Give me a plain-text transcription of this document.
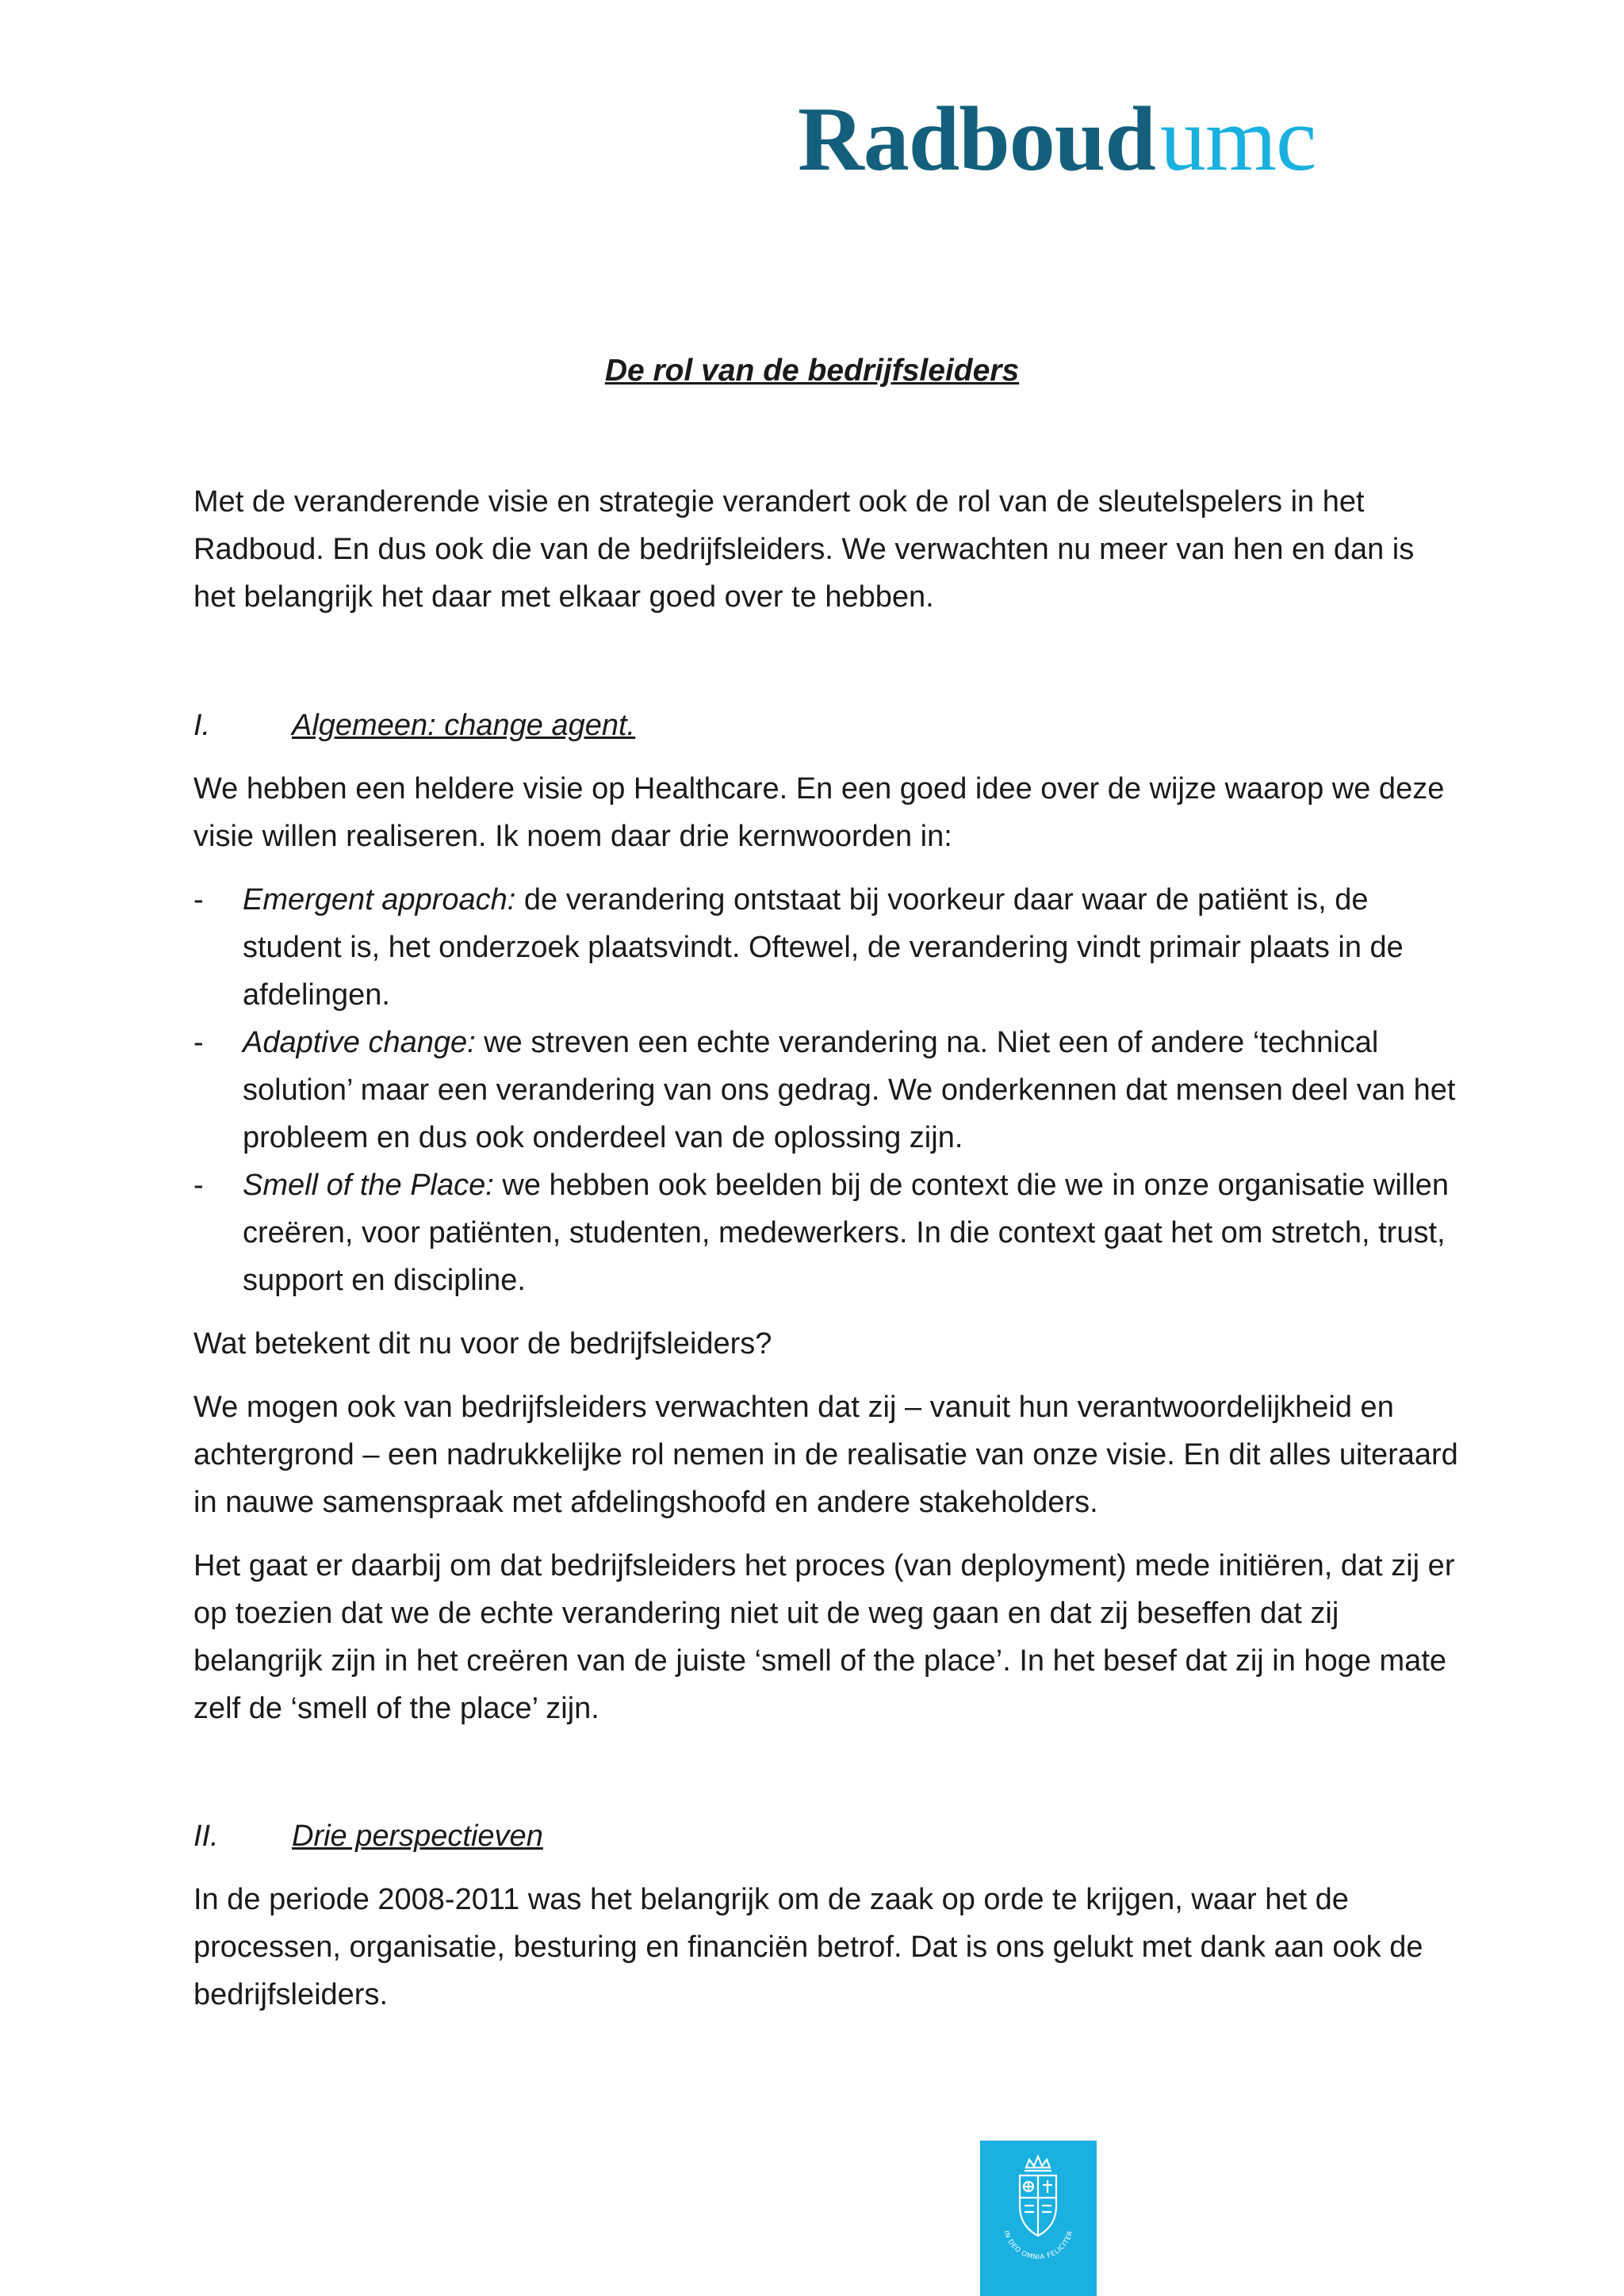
Radboudumc
De rol van de bedrijfsleiders

Met de veranderende visie en strategie verandert ook de rol van de sleutelspelers in het Radboud. En dus ook die van de bedrijfsleiders. We verwachten nu meer van hen en dan is het belangrijk het daar met elkaar goed over te hebben.

I.	Algemeen: change agent.

We hebben een heldere visie op Healthcare. En een goed idee over de wijze waarop we deze visie willen realiseren. Ik noem daar drie kernwoorden in:

- Emergent approach: de verandering ontstaat bij voorkeur daar waar de patiënt is, de student is, het onderzoek plaatsvindt. Oftewel, de verandering vindt primair plaats in de afdelingen.
- Adaptive change: we streven een echte verandering na. Niet een of andere ‘technical solution’ maar een verandering van ons gedrag. We onderkennen dat mensen deel van het probleem en dus ook onderdeel van de oplossing zijn.
- Smell of the Place: we hebben ook beelden bij de context die we in onze organisatie willen creëren, voor patiënten, studenten, medewerkers. In die context gaat het om stretch, trust, support en discipline.

Wat betekent dit nu voor de bedrijfsleiders?

We mogen ook van bedrijfsleiders verwachten dat zij – vanuit hun verantwoordelijkheid en achtergrond – een nadrukkelijke rol nemen in de realisatie van onze visie. En dit alles uiteraard in nauwe samenspraak met afdelingshoofd en andere stakeholders.

Het gaat er daarbij om dat bedrijfsleiders het proces (van deployment) mede initiëren, dat zij er op toezien dat we de echte verandering niet uit de weg gaan en dat zij beseffen dat zij belangrijk zijn in het creëren van de juiste ‘smell of the place’. In het besef dat zij in hoge mate zelf de ‘smell of the place’ zijn.

II.	Drie perspectieven

In de periode 2008-2011 was het belangrijk om de zaak op orde te krijgen, waar het de processen, organisatie, besturing en financiën betrof. Dat is ons gelukt met dank aan ook de bedrijfsleiders.

IN DEO OMNIA FELICITER
